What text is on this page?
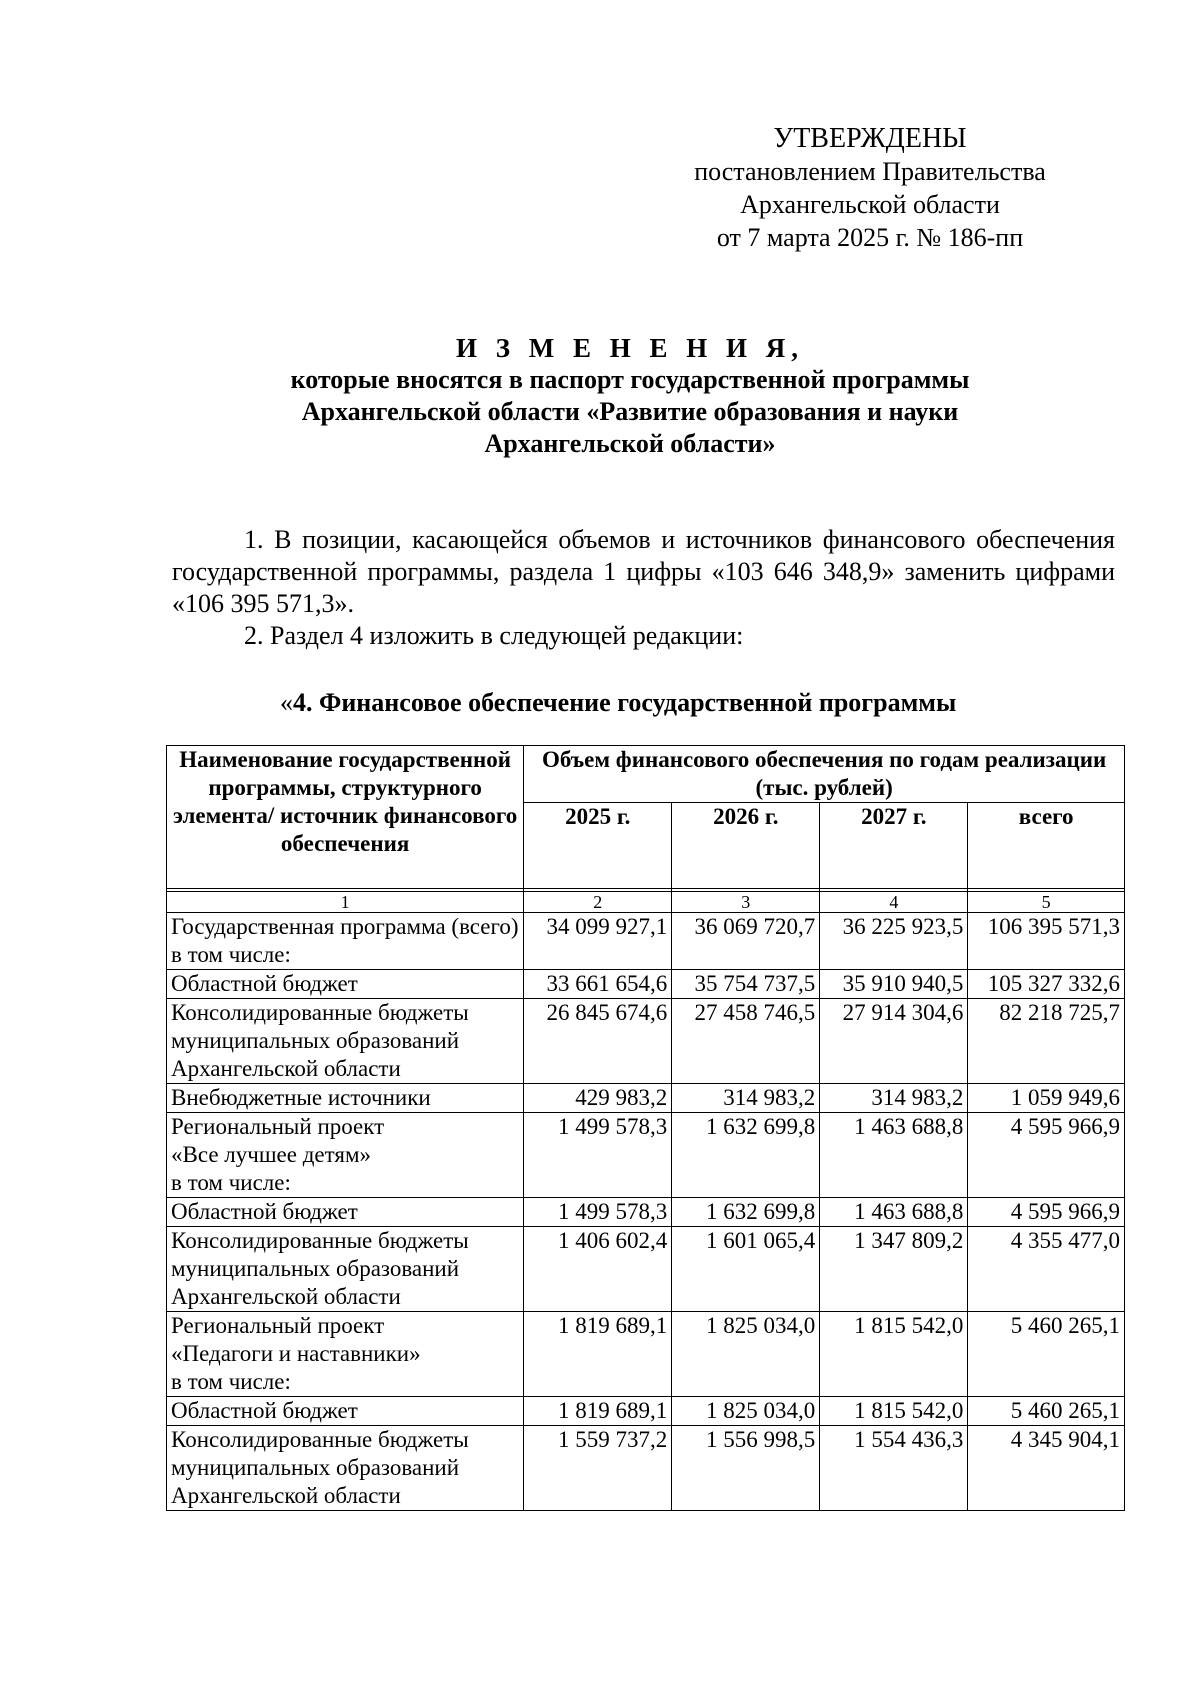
УТВЕРЖДЕНЫ
постановлением Правительства
Архангельской области
от 7 марта 2025 г. № 186-пп
И З М Е Н Е Н И Я,
которые вносятся в паспорт государственной программы
Архангельской области «Развитие образования и науки
Архангельской области»

1. В позиции, касающейся объемов и источников финансового обеспечения государственной программы, раздела 1 цифры «103 646 348,9» заменить цифрами «106 395 571,3».

2. Раздел 4 изложить в следующей редакции:

«4. Финансовое обеспечение государственной программы
Наименование государственной программы, структурного элемента/ источник финансового обеспечения	Объем финансового обеспечения по годам реализации (тыс. рублей)			
	2025 г.	2026 г.	2027 г.	всего

1	2	3	4	5
Государственная программа (всего)
в том числе:	34 099 927,1	36 069 720,7	36 225 923,5	106 395 571,3
Областной бюджет	33 661 654,6	35 754 737,5	35 910 940,5	105 327 332,6
Консолидированные бюджеты муниципальных образований Архангельской области	26 845 674,6	27 458 746,5	27 914 304,6	82 218 725,7
Внебюджетные источники	429 983,2	314 983,2	314 983,2	1 059 949,6
Региональный проект
«Все лучшее детям»
в том числе:	1 499 578,3	1 632 699,8	1 463 688,8	4 595 966,9
Областной бюджет	1 499 578,3	1 632 699,8	1 463 688,8	4 595 966,9
Консолидированные бюджеты муниципальных образований Архангельской области	1 406 602,4	1 601 065,4	1 347 809,2	4 355 477,0
Региональный проект
«Педагоги и наставники»
в том числе:	1 819 689,1	1 825 034,0	1 815 542,0	5 460 265,1
Областной бюджет	1 819 689,1	1 825 034,0	1 815 542,0	5 460 265,1
Консолидированные бюджеты муниципальных образований Архангельской области	1 559 737,2	1 556 998,5	1 554 436,3	4 345 904,1
